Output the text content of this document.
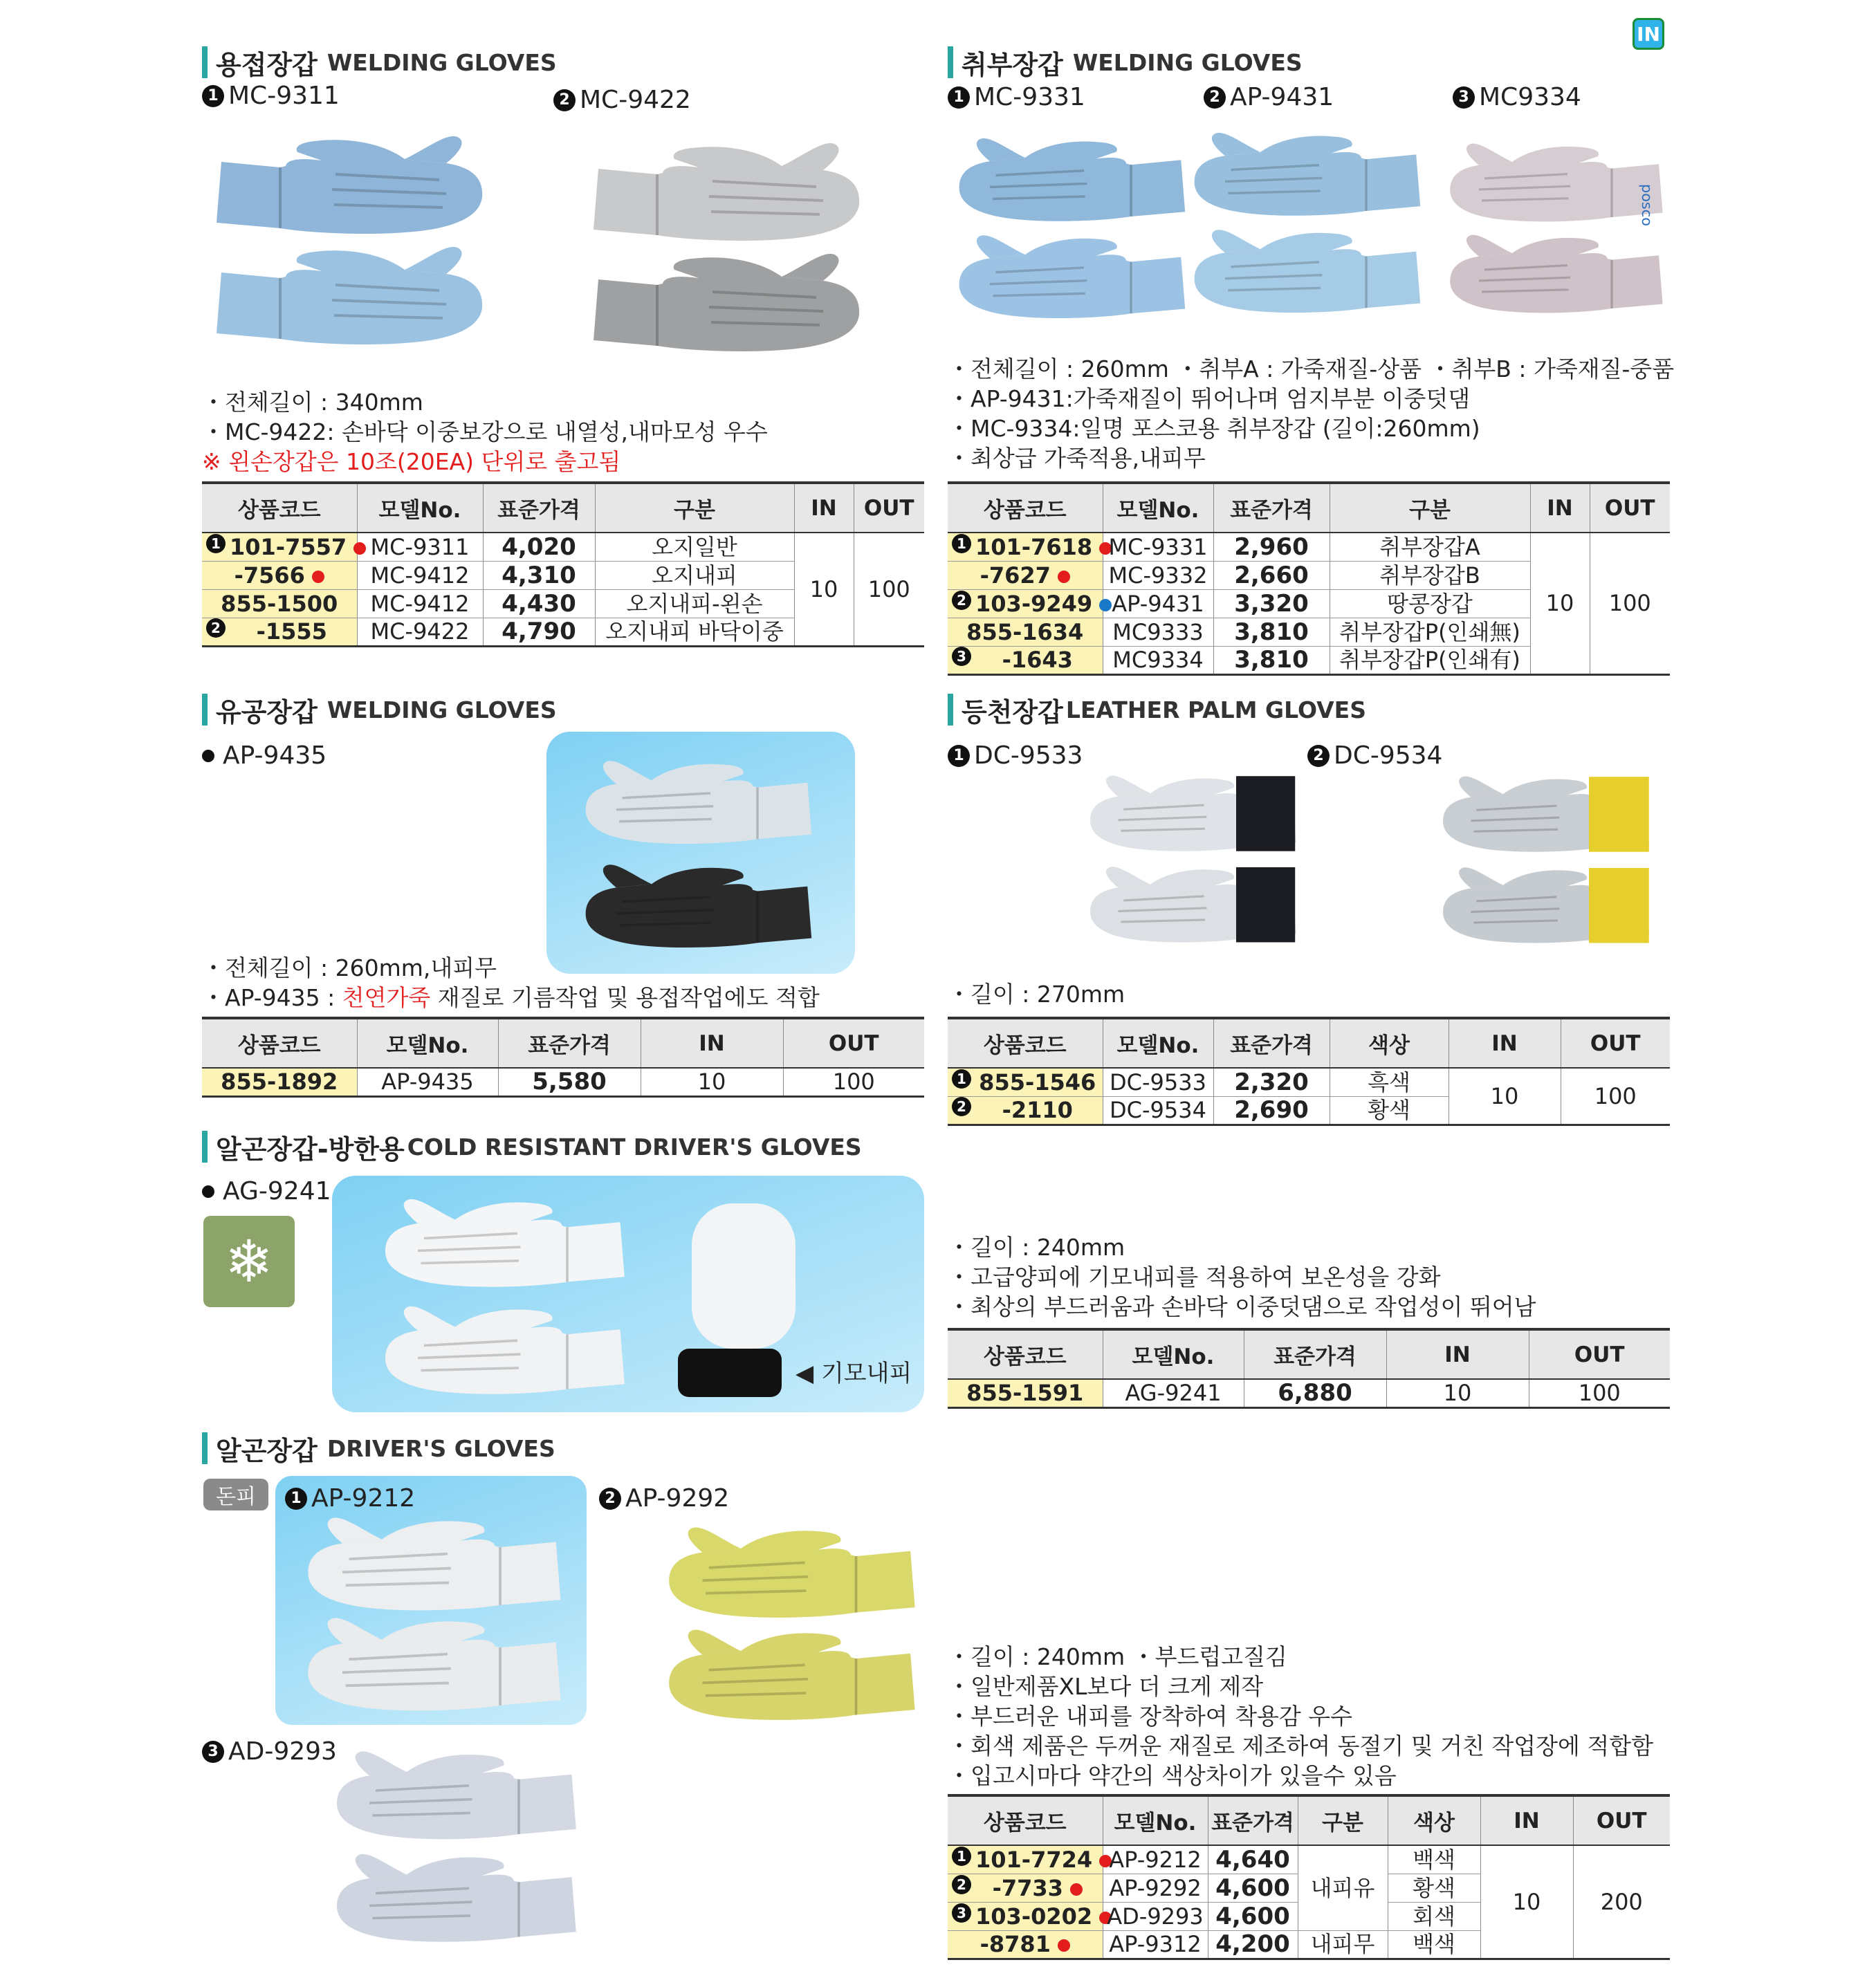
IN
용접장갑 WELDING GLOVES
1 MC-9311	2 MC-9422
・전체길이 : 340mm
・MC-9422: 손바닥 이중보강으로 내열성,내마모성 우수
※ 왼손장갑은 10조(20EA) 단위로 출고됨
상품코드	모델No.	표준가격	구분	IN	OUT

1 101-7557	MC-9311	4,020	오지일반	10	100
-7566	MC-9412	4,310	오지내피		
855-1500	MC-9412	4,430	오지내피-왼손		

2 -1555	MC-9422	4,790	오지내피 바닥이중		
취부장갑 WELDING GLOVES
1 MC-9331	2 AP-9431	3 MC9334
posco
・전체길이 : 260mm ・취부A : 가죽재질-상품 ・취부B : 가죽재질-중품
・AP-9431:가죽재질이 뛰어나며 엄지부분 이중덧댐
・MC-9334:일명 포스코용 취부장갑 (길이:260mm)
・최상급 가죽적용,내피무
상품코드	모델No.	표준가격	구분	IN	OUT

1 101-7618	MC-9331	2,960	취부장갑A	10	100
-7627	MC-9332	2,660	취부장갑B		

2 103-9249	AP-9431	3,320	땅콩장갑		
855-1634	MC9333	3,810	취부장갑P(인쇄無)		

3 -1643	MC9334	3,810	취부장갑P(인쇄有)		
유공장갑 WELDING GLOVES
AP-9435
・전체길이 : 260mm,내피무
・AP-9435 : 천연가죽 재질로 기름작업 및 용접작업에도 적합
상품코드	모델No.	표준가격	IN	OUT
855-1892	AP-9435	5,580	10	100
등천장갑 LEATHER PALM GLOVES
1 DC-9533	2 DC-9534
・길이 : 270mm
상품코드	모델No.	표준가격	색상	IN	OUT

1 855-1546	DC-9533	2,320	흑색	10	100

2 -2110	DC-9534	2,690	황색		
알곤장갑-방한용 COLD RESISTANT DRIVER'S GLOVES
AG-9241
❄
◀ 기모내피
・길이 : 240mm
・고급양피에 기모내피를 적용하여 보온성을 강화
・최상의 부드러움과 손바닥 이중덧댐으로 작업성이 뛰어남
상품코드	모델No.	표준가격	IN	OUT
855-1591	AG-9241	6,880	10	100
알곤장갑 DRIVER'S GLOVES
돈피	1 AP-9212	2 AP-9292
3 AD-9293
・길이 : 240mm ・부드럽고질김
・일반제품XL보다 더 크게 제작
・부드러운 내피를 장착하여 착용감 우수
・회색 제품은 두꺼운 재질로 제조하여 동절기 및 거친 작업장에 적합함
・입고시마다 약간의 색상차이가 있을수 있음
상품코드	모델No.	표준가격	구분	색상	IN	OUT

1 101-7724	AP-9212	4,640	내피유	백색	10	200

2 -7733	AP-9292	4,600		황색		

3 103-0202	AD-9293	4,600		회색		
-8781	AP-9312	4,200	내피무	백색		
